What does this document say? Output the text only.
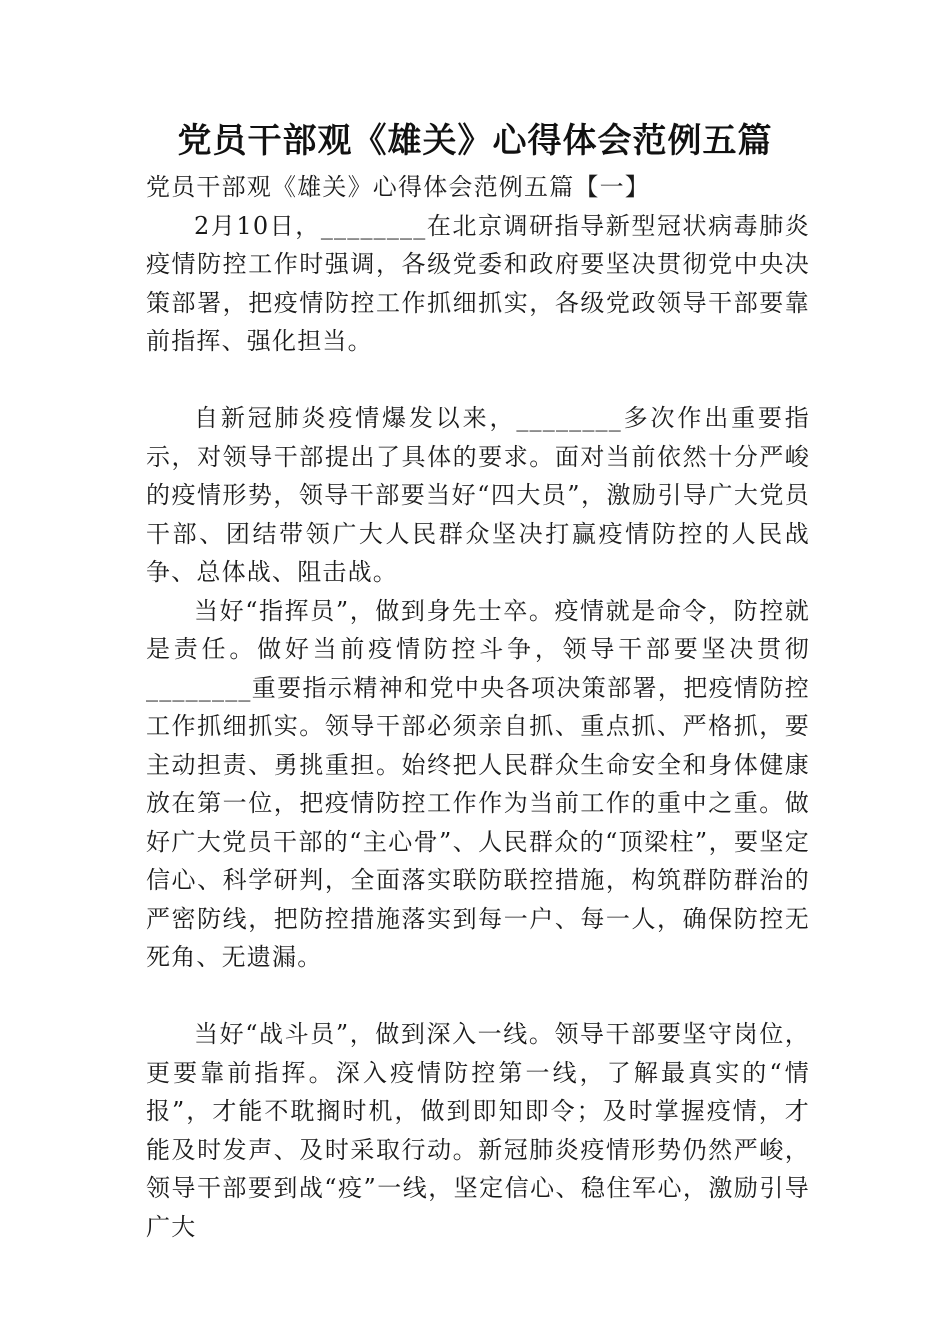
党员干部观《雄关》心得体会范例五篇

党员干部观《雄关》心得体会范例五篇【一】

2月10日，________在北京调研指导新型冠状病毒肺炎疫情防控工作时强调，各级党委和政府要坚决贯彻党中央决策部署，把疫情防控工作抓细抓实，各级党政领导干部要靠前指挥、强化担当。

自新冠肺炎疫情爆发以来，________多次作出重要指示，对领导干部提出了具体的要求。面对当前依然十分严峻的疫情形势，领导干部要当好“四大员”，激励引导广大党员干部、团结带领广大人民群众坚决打赢疫情防控的人民战争、总体战、阻击战。

当好“指挥员”，做到身先士卒。疫情就是命令，防控就是责任。做好当前疫情防控斗争，领导干部要坚决贯彻________重要指示精神和党中央各项决策部署，把疫情防控工作抓细抓实。领导干部必须亲自抓、重点抓、严格抓，要主动担责、勇挑重担。始终把人民群众生命安全和身体健康放在第一位，把疫情防控工作作为当前工作的重中之重。做好广大党员干部的“主心骨”、人民群众的“顶梁柱”，要坚定信心、科学研判，全面落实联防联控措施，构筑群防群治的严密防线，把防控措施落实到每一户、每一人，确保防控无死角、无遗漏。

当好“战斗员”，做到深入一线。领导干部要坚守岗位，更要靠前指挥。深入疫情防控第一线，了解最真实的“情报”，才能不耽搁时机，做到即知即令；及时掌握疫情，才能及时发声、及时采取行动。新冠肺炎疫情形势仍然严峻，领导干部要到战“疫”一线，坚定信心、稳住军心，激励引导广大
